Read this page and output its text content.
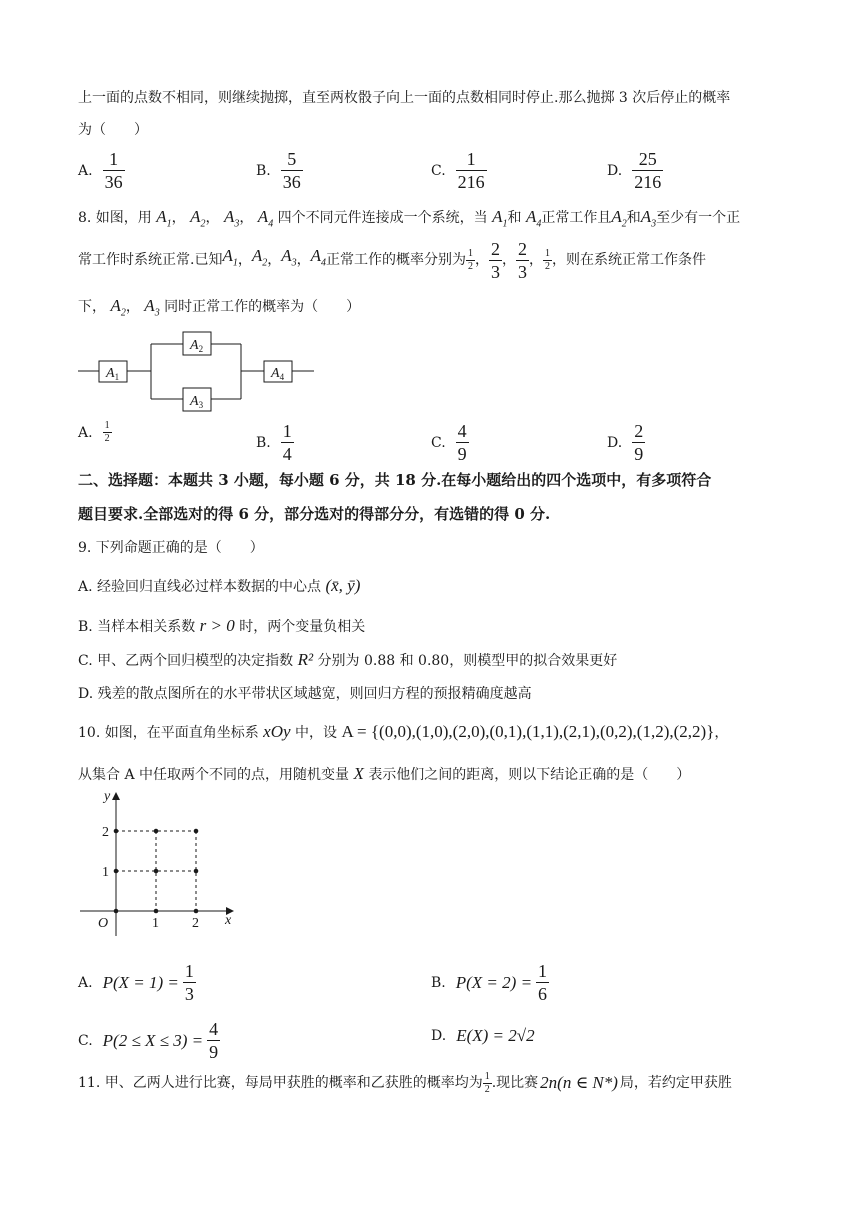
上一面的点数不相同，则继续抛掷，直至两枚骰子向上一面的点数相同时停止.那么抛掷 3 次后停止的概率
为（　　）
A. $\frac{1}{36}$	B. $\frac{5}{36}$	C. $\frac{1}{216}$	D. $\frac{25}{216}$
8. 如图，用 $A_1$， $A_2$， $A_3$， $A_4$ 四个不同元件连接成一个系统，当 $A_1$和 $A_4$正常工作且$A_2$和$A_3$至少有一个正
常工作时系统正常.已知 $A_1$ ， $A_2$ ， $A_3$ ， $A_4$ 正常工作的概率分别为 $\frac{1}{2}$ ， $\frac{2}{3}$ ， $\frac{2}{3}$ ， $\frac{1}{2}$ ，则在系统正常工作条件
下， $A_2$， $A_3$ 同时正常工作的概率为（　　）
$A_1$
$A_2$
$A_3$
$A_4$
A. $\frac{1}{2}$	B. $\frac{1}{4}$	C. $\frac{4}{9}$	D. $\frac{2}{9}$
二、选择题：本题共 3 小题，每小题 6 分，共 18 分.在每小题给出的四个选项中，有多项符合
题目要求.全部选对的得 6 分，部分选对的得部分分，有选错的得 0 分.
9. 下列命题正确的是（　　）
A. 经验回归直线必过样本数据的中心点 (x̄, ȳ)
B. 当样本相关系数 r > 0 时，两个变量负相关
C. 甲、乙两个回归模型的决定指数 R² 分别为 0.88 和 0.80，则模型甲的拟合效果更好
D. 残差的散点图所在的水平带状区域越宽，则回归方程的预报精确度越高
10. 如图，在平面直角坐标系 xOy 中，设 A = {(0,0),(1,0),(2,0),(0,1),(1,1),(2,1),(0,2),(1,2),(2,2)}，
从集合 A 中任取两个不同的点，用随机变量 X 表示他们之间的距离，则以下结论正确的是（　　）
y
x
O	1 2
1
2
A. $P(X = 1) = \frac{1}{3}$	B. $P(X = 2) = \frac{1}{6}$
C. $P(2 \le X \le 3) = \frac{4}{9}$	D. E(X) = 2√2
11. 甲、乙两人进行比赛，每局甲获胜的概率和乙获胜的概率均为 $\frac{1}{2}$ .现比赛 2n(n ∈ N*) 局，若约定甲获胜
